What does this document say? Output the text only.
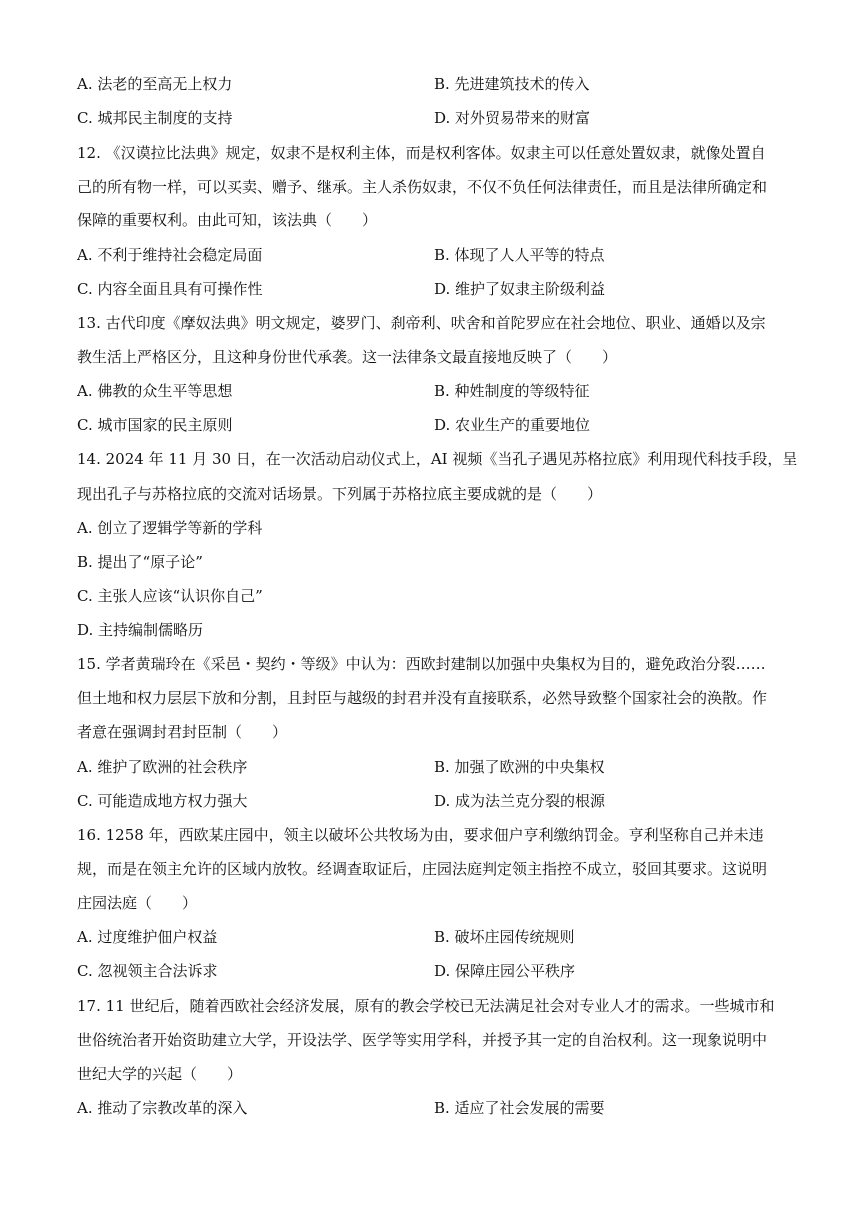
A. 法老的至高无上权力	B. 先进建筑技术的传入
C. 城邦民主制度的支持	D. 对外贸易带来的财富
12. 《汉谟拉比法典》规定，奴隶不是权利主体，而是权利客体。奴隶主可以任意处置奴隶，就像处置自
己的所有物一样，可以买卖、赠予、继承。主人杀伤奴隶，不仅不负任何法律责任，而且是法律所确定和
保障的重要权利。由此可知，该法典（　　）
A. 不利于维持社会稳定局面	B. 体现了人人平等的特点
C. 内容全面且具有可操作性	D. 维护了奴隶主阶级利益
13. 古代印度《摩奴法典》明文规定，婆罗门、刹帝利、吠舍和首陀罗应在社会地位、职业、通婚以及宗
教生活上严格区分，且这种身份世代承袭。这一法律条文最直接地反映了（　　）
A. 佛教的众生平等思想	B. 种姓制度的等级特征
C. 城市国家的民主原则	D. 农业生产的重要地位
14. 2024 年 11 月 30 日，在一次活动启动仪式上，AI 视频《当孔子遇见苏格拉底》利用现代科技手段，呈
现出孔子与苏格拉底的交流对话场景。下列属于苏格拉底主要成就的是（　　）
A. 创立了逻辑学等新的学科
B. 提出了“原子论”
C. 主张人应该“认识你自己”
D. 主持编制儒略历
15. 学者黄瑞玲在《采邑・契约・等级》中认为：西欧封建制以加强中央集权为目的，避免政治分裂……
但土地和权力层层下放和分割，且封臣与越级的封君并没有直接联系，必然导致整个国家社会的涣散。作
者意在强调封君封臣制（　　）
A. 维护了欧洲的社会秩序	B. 加强了欧洲的中央集权
C. 可能造成地方权力强大	D. 成为法兰克分裂的根源
16. 1258 年，西欧某庄园中，领主以破坏公共牧场为由，要求佃户亨利缴纳罚金。亨利坚称自己并未违
规，而是在领主允许的区域内放牧。经调查取证后，庄园法庭判定领主指控不成立，驳回其要求。这说明
庄园法庭（　　）
A. 过度维护佃户权益	B. 破坏庄园传统规则
C. 忽视领主合法诉求	D. 保障庄园公平秩序
17. 11 世纪后，随着西欧社会经济发展，原有的教会学校已无法满足社会对专业人才的需求。一些城市和
世俗统治者开始资助建立大学，开设法学、医学等实用学科，并授予其一定的自治权利。这一现象说明中
世纪大学的兴起（　　）
A. 推动了宗教改革的深入	B. 适应了社会发展的需要
